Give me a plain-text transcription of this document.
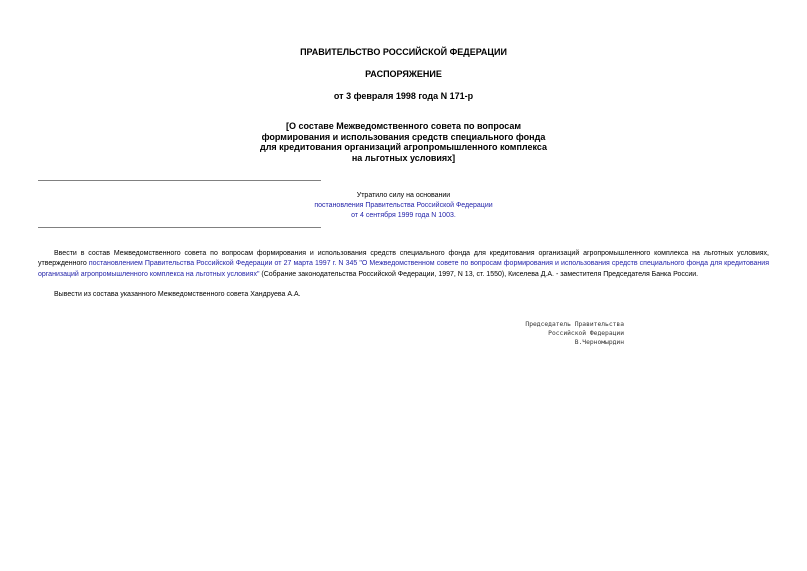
ПРАВИТЕЛЬСТВО РОССИЙСКОЙ ФЕДЕРАЦИИ
РАСПОРЯЖЕНИЕ
от 3 февраля 1998 года N 171-р
[О составе Межведомственного совета по вопросам
формирования и использования средств специального фонда
для кредитования организаций агропромышленного комплекса
на льготных условиях]
Утратило силу на основании
постановления Правительства Российской Федерации
от 4 сентября 1999 года N 1003.
Ввести в состав Межведомственного совета по вопросам формирования и использования средств специального фонда для кредитования организаций агропромышленного комплекса на льготных условиях, утвержденного постановлением Правительства Российской Федерации от 27 марта 1997 г. N 345 "О Межведомственном совете по вопросам формирования и использования средств специального фонда для кредитования организаций агропромышленного комплекса на льготных условиях" (Собрание законодательства Российской Федерации, 1997, N 13, ст. 1550), Киселева Д.А. - заместителя Председателя Банка России.
Вывести из состава указанного Межведомственного совета Хандруева А.А.
Председатель Правительства
Российской Федерации
В.Черномырдин
